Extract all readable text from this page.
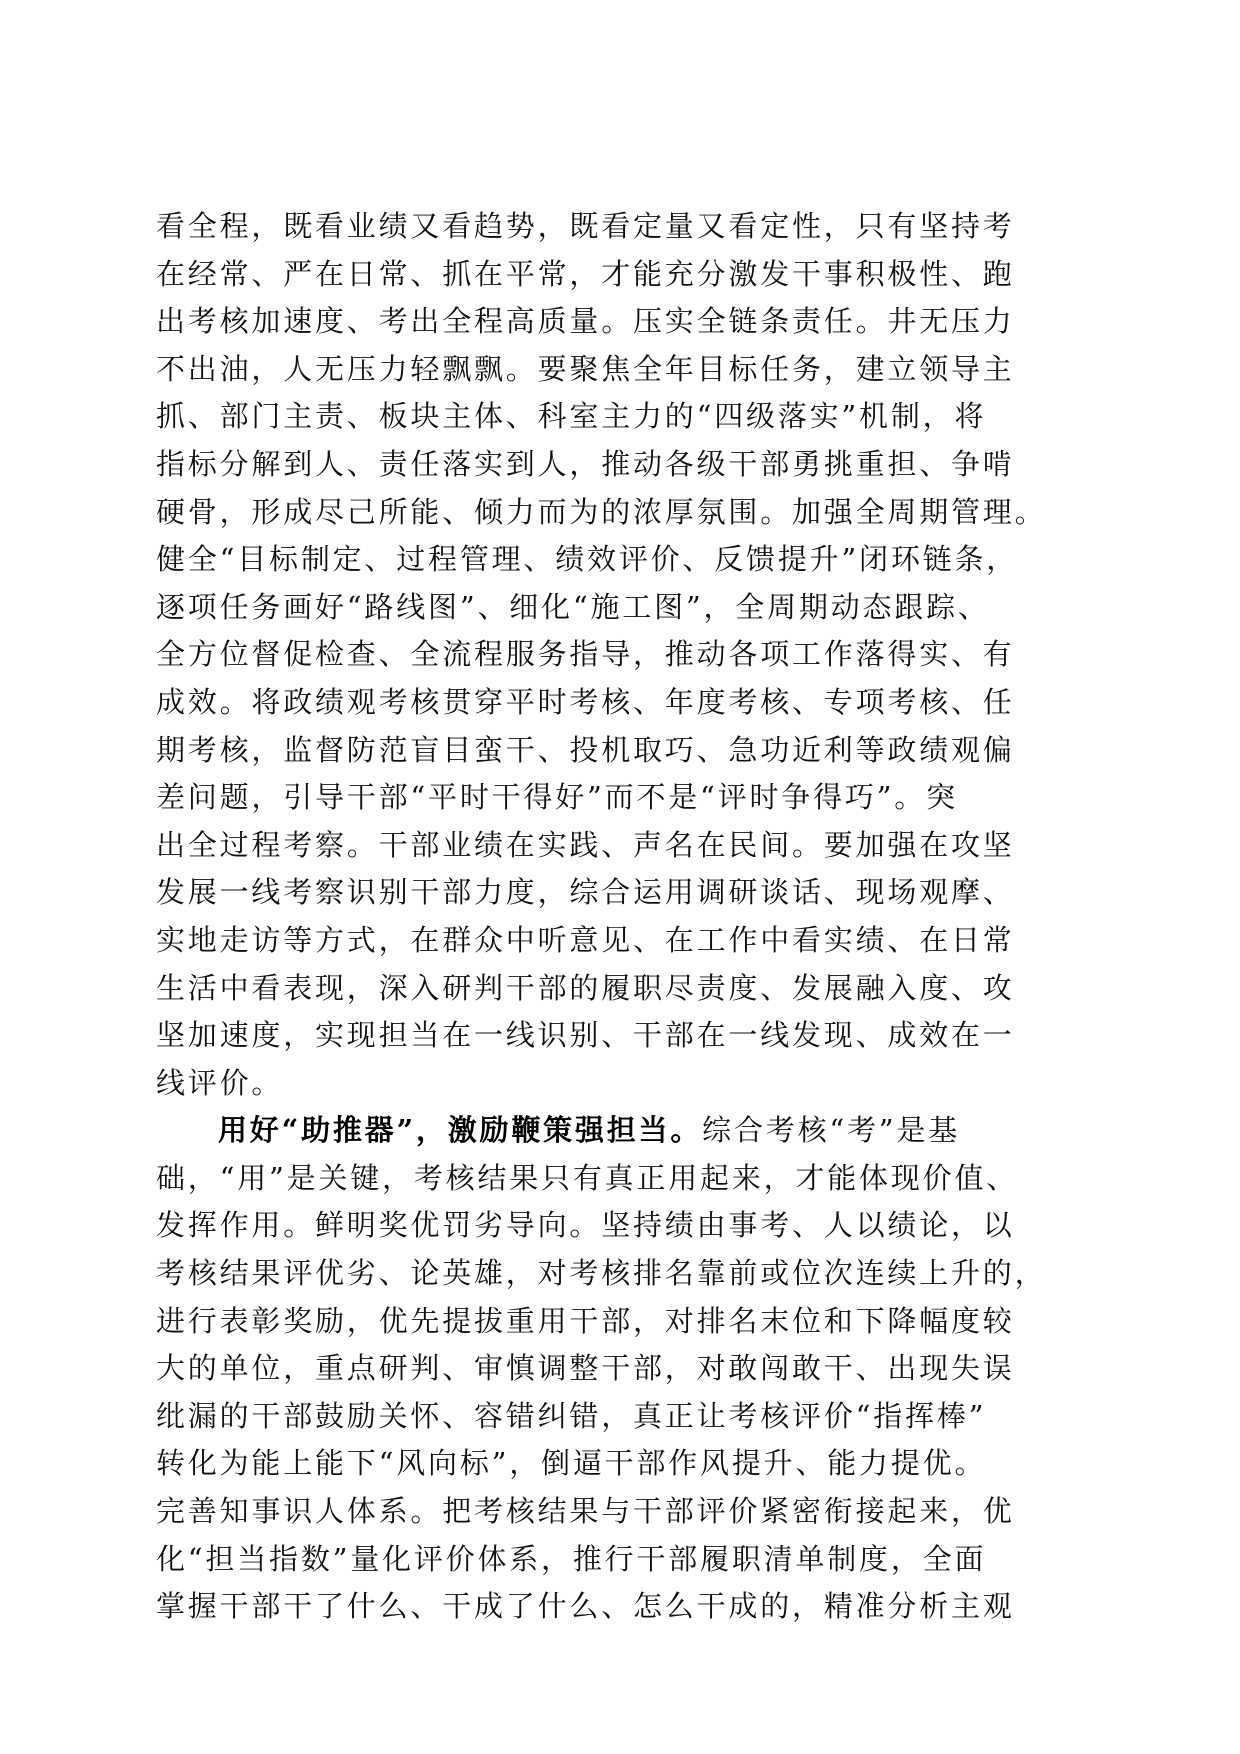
看全程，既看业绩又看趋势，既看定量又看定性，只有坚持考
在经常、严在日常、抓在平常，才能充分激发干事积极性、跑
出考核加速度、考出全程高质量。压实全链条责任。井无压力
不出油，人无压力轻飘飘。要聚焦全年目标任务，建立领导主
抓、部门主责、板块主体、科室主力的“四级落实”机制，将
指标分解到人、责任落实到人，推动各级干部勇挑重担、争啃
硬骨，形成尽己所能、倾力而为的浓厚氛围。加强全周期管理。
健全“目标制定、过程管理、绩效评价、反馈提升”闭环链条，
逐项任务画好“路线图”、细化“施工图”，全周期动态跟踪、
全方位督促检查、全流程服务指导，推动各项工作落得实、有
成效。将政绩观考核贯穿平时考核、年度考核、专项考核、任
期考核，监督防范盲目蛮干、投机取巧、急功近利等政绩观偏
差问题，引导干部“平时干得好”而不是“评时争得巧”。突
出全过程考察。干部业绩在实践、声名在民间。要加强在攻坚
发展一线考察识别干部力度，综合运用调研谈话、现场观摩、
实地走访等方式，在群众中听意见、在工作中看实绩、在日常
生活中看表现，深入研判干部的履职尽责度、发展融入度、攻
坚加速度，实现担当在一线识别、干部在一线发现、成效在一
线评价。
用好“助推器”，激励鞭策强担当。综合考核“考”是基
础，“用”是关键，考核结果只有真正用起来，才能体现价值、
发挥作用。鲜明奖优罚劣导向。坚持绩由事考、人以绩论，以
考核结果评优劣、论英雄，对考核排名靠前或位次连续上升的，
进行表彰奖励，优先提拔重用干部，对排名末位和下降幅度较
大的单位，重点研判、审慎调整干部，对敢闯敢干、出现失误
纰漏的干部鼓励关怀、容错纠错，真正让考核评价“指挥棒”
转化为能上能下“风向标”，倒逼干部作风提升、能力提优。
完善知事识人体系。把考核结果与干部评价紧密衔接起来，优
化“担当指数”量化评价体系，推行干部履职清单制度，全面
掌握干部干了什么、干成了什么、怎么干成的，精准分析主观
